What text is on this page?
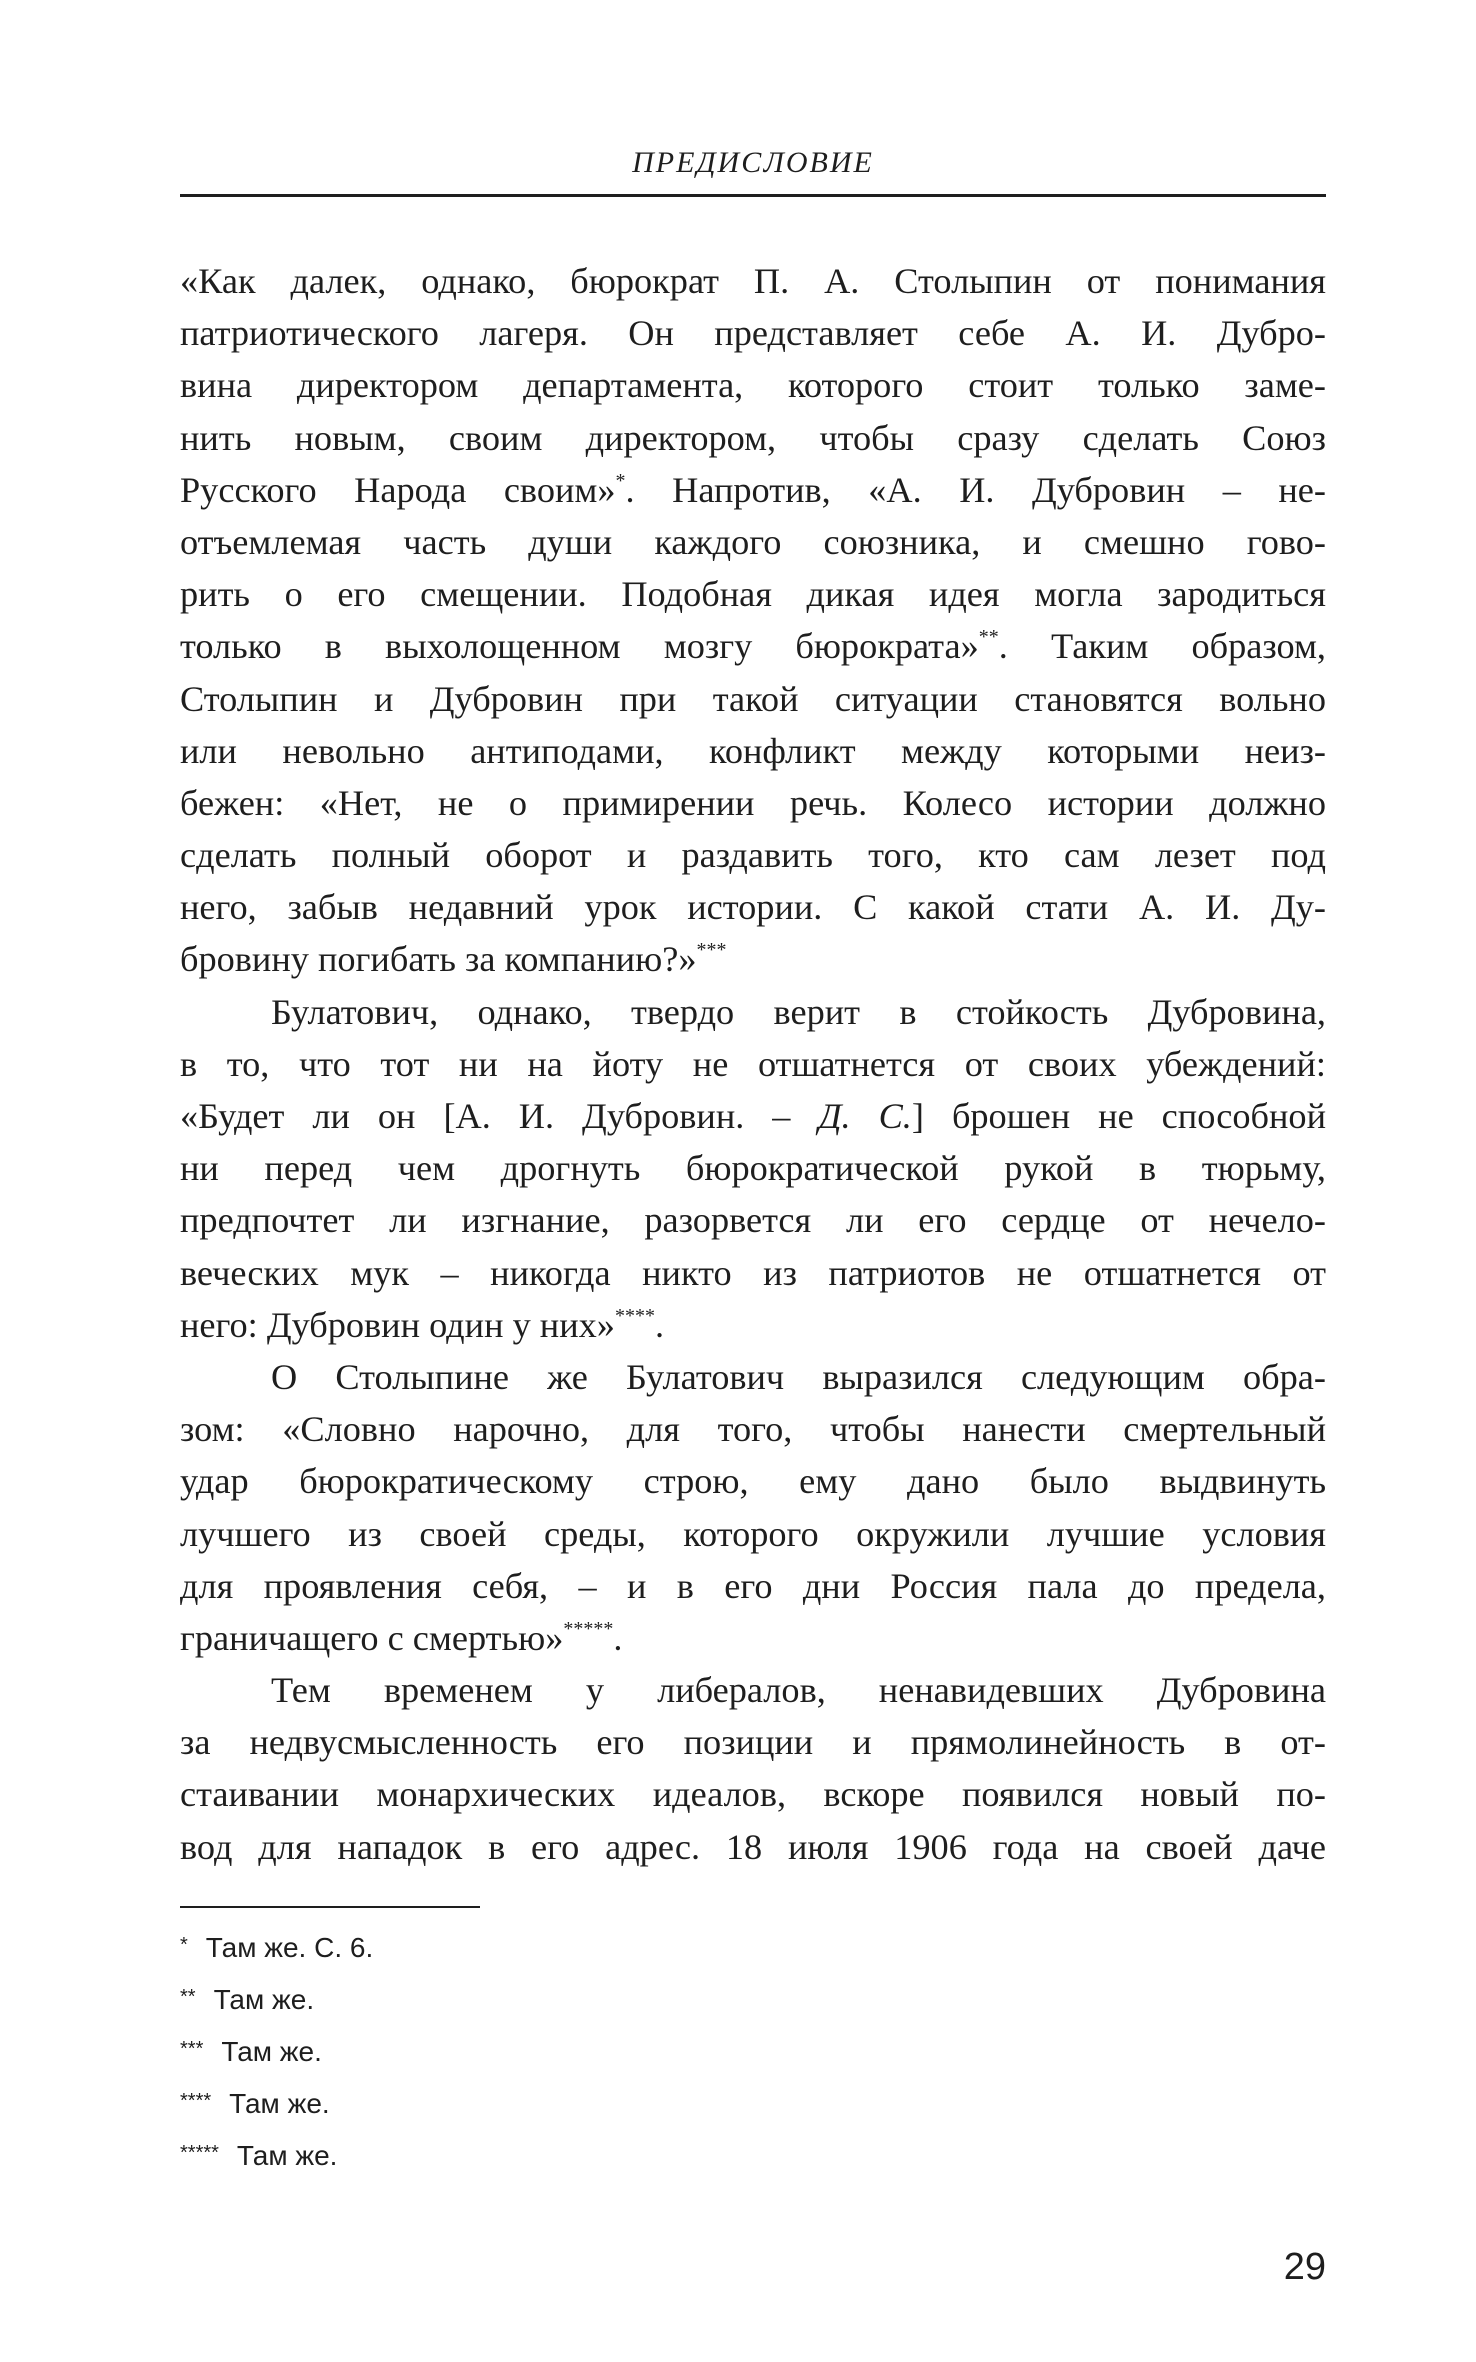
ПРЕДИСЛОВИЕ
«Как далек, однако, бюрократ П. А. Столыпин от понимания
патриотического лагеря. Он представляет себе А. И. Дубро-
вина директором департамента, которого стоит только заме-
нить новым, своим директором, чтобы сразу сделать Союз
Русского Народа своим»*. Напротив, «А. И. Дубровин – не-
отъемлемая часть души каждого союзника, и смешно гово-
рить о его смещении. Подобная дикая идея могла зародиться
только в выхолощенном мозгу бюрократа»**. Таким образом,
Столыпин и Дубровин при такой ситуации становятся вольно
или невольно антиподами, конфликт между которыми неиз-
бежен: «Нет, не о примирении речь. Колесо истории должно
сделать полный оборот и раздавить того, кто сам лезет под
него, забыв недавний урок истории. С какой стати А. И. Ду-
бровину погибать за компанию?»***
Булатович, однако, твердо верит в стойкость Дубровина,
в то, что тот ни на йоту не отшатнется от своих убеждений:
«Будет ли он [А. И. Дубровин. – Д. С.] брошен не способной
ни перед чем дрогнуть бюрократической рукой в тюрьму,
предпочтет ли изгнание, разорвется ли его сердце от нечело-
веческих мук – никогда никто из патриотов не отшатнется от
него: Дубровин один у них»****.
О Столыпине же Булатович выразился следующим обра-
зом: «Словно нарочно, для того, чтобы нанести смертельный
удар бюрократическому строю, ему дано было выдвинуть
лучшего из своей среды, которого окружили лучшие условия
для проявления себя, – и в его дни Россия пала до предела,
граничащего с смертью»*****.
Тем временем у либералов, ненавидевших Дубровина
за недвусмысленность его позиции и прямолинейность в от-
стаивании монархических идеалов, вскоре появился новый по-
вод для нападок в его адрес. 18 июля 1906 года на своей даче
* Там же. С. 6.
** Там же.
*** Там же.
**** Там же.
***** Там же.
29
